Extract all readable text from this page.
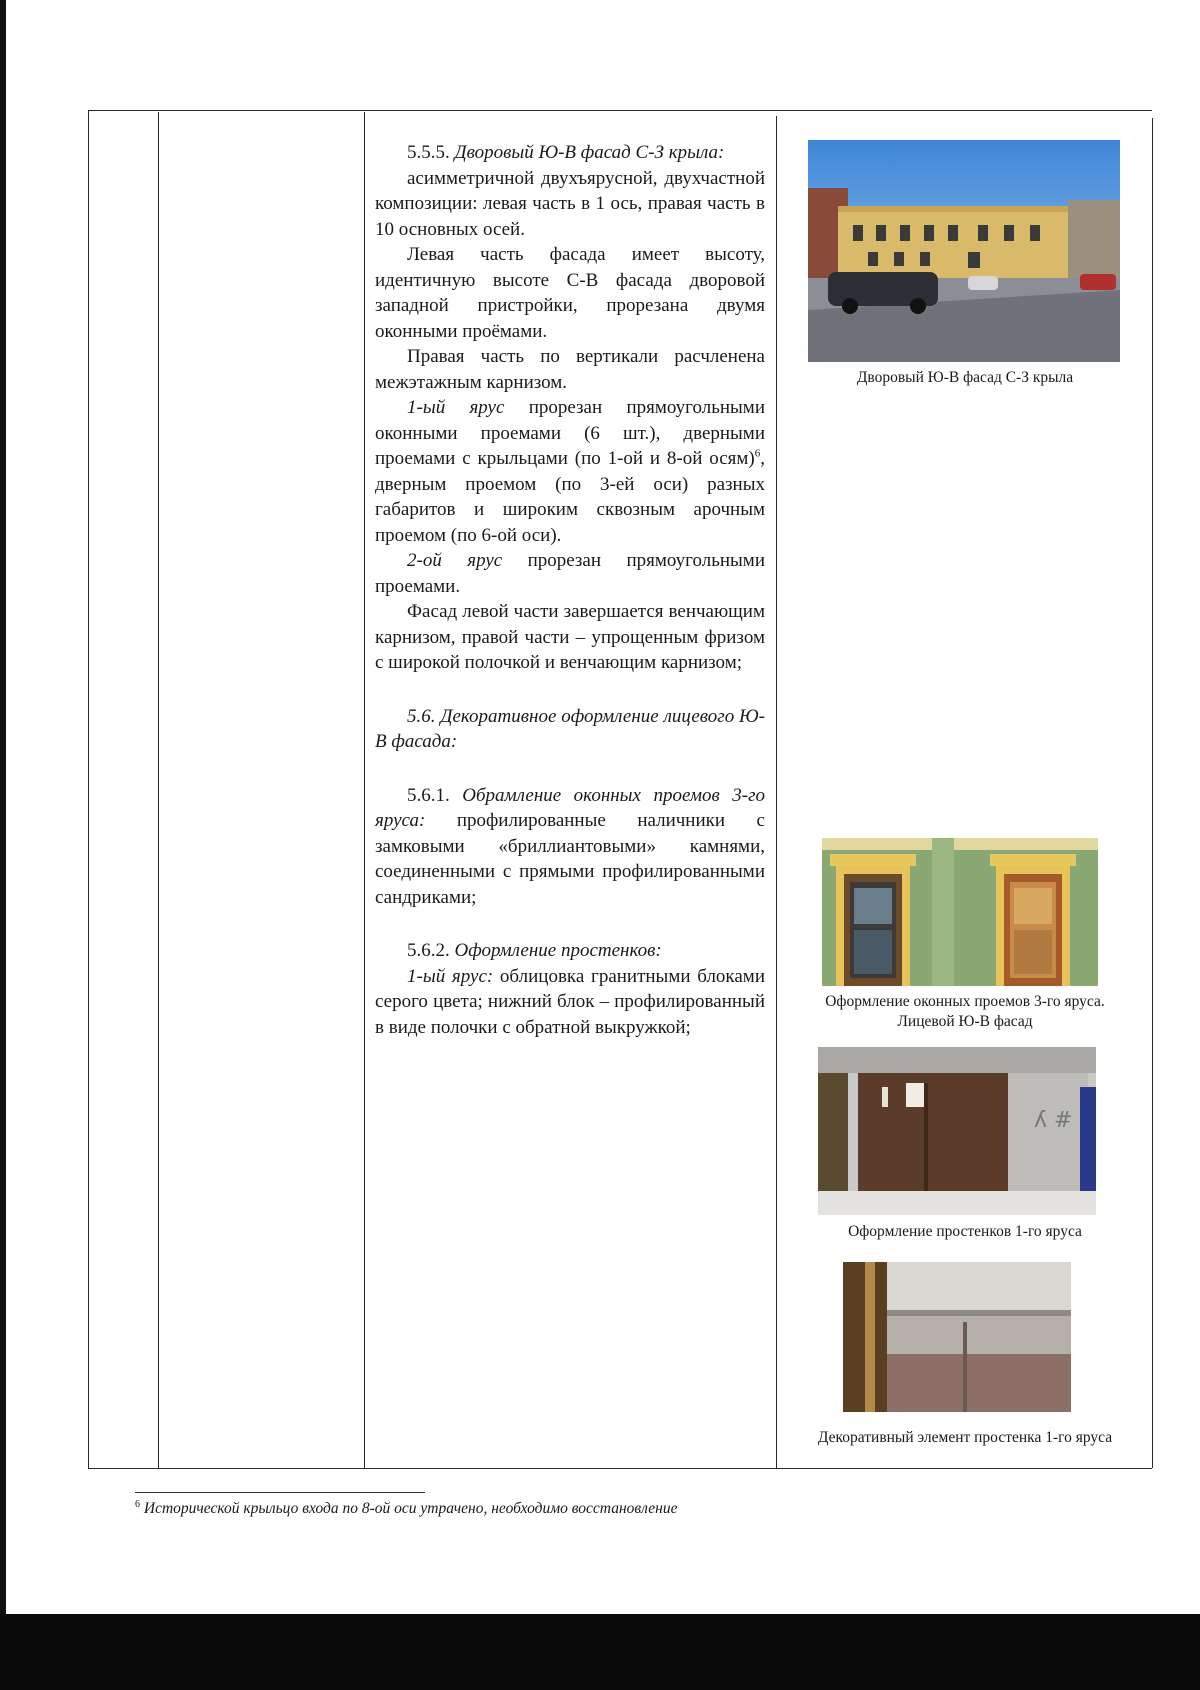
5.5.5. Дворовый Ю-В фасад С-З крыла:

асимметричной двухъярусной, двухчастной композиции: левая часть в 1 ось, правая часть в 10 основных осей.

Левая часть фасада имеет высоту, идентичную высоте С-В фасада дворовой западной пристройки, прорезана двумя оконными проёмами.

Правая часть по вертикали расчленена межэтажным карнизом.

1-ый ярус прорезан прямоугольными оконными проемами (6 шт.), дверными проемами с крыльцами (по 1-ой и 8-ой осям)$^6$, дверным проемом (по 3-ей оси) разных габаритов и широким сквозным арочным проемом (по 6-ой оси).

2-ой ярус прорезан прямоугольными проемами.

Фасад левой части завершается венчающим карнизом, правой части – упрощенным фризом с широкой полочкой и венчающим карнизом;

5.6. Декоративное оформление лицевого Ю-В фасада:

5.6.1. Обрамление оконных проемов 3-го яруса: профилированные наличники с замковыми «бриллиантовыми» камнями, соединенными с прямыми профилированными сандриками;

5.6.2. Оформление простенков:

1-ый ярус: облицовка гранитными блоками серого цвета; нижний блок – профилированный в виде полочки с обратной выкружкой;

Дворовый Ю-В фасад С-З крыла
Оформление оконных проемов 3-го яруса.
Лицевой Ю-В фасад
ʎ #
Оформление простенков 1-го яруса
Декоративный элемент простенка 1-го яруса
$^6$ Исторической крыльцо входа по 8-ой оси утрачено, необходимо восстановление
